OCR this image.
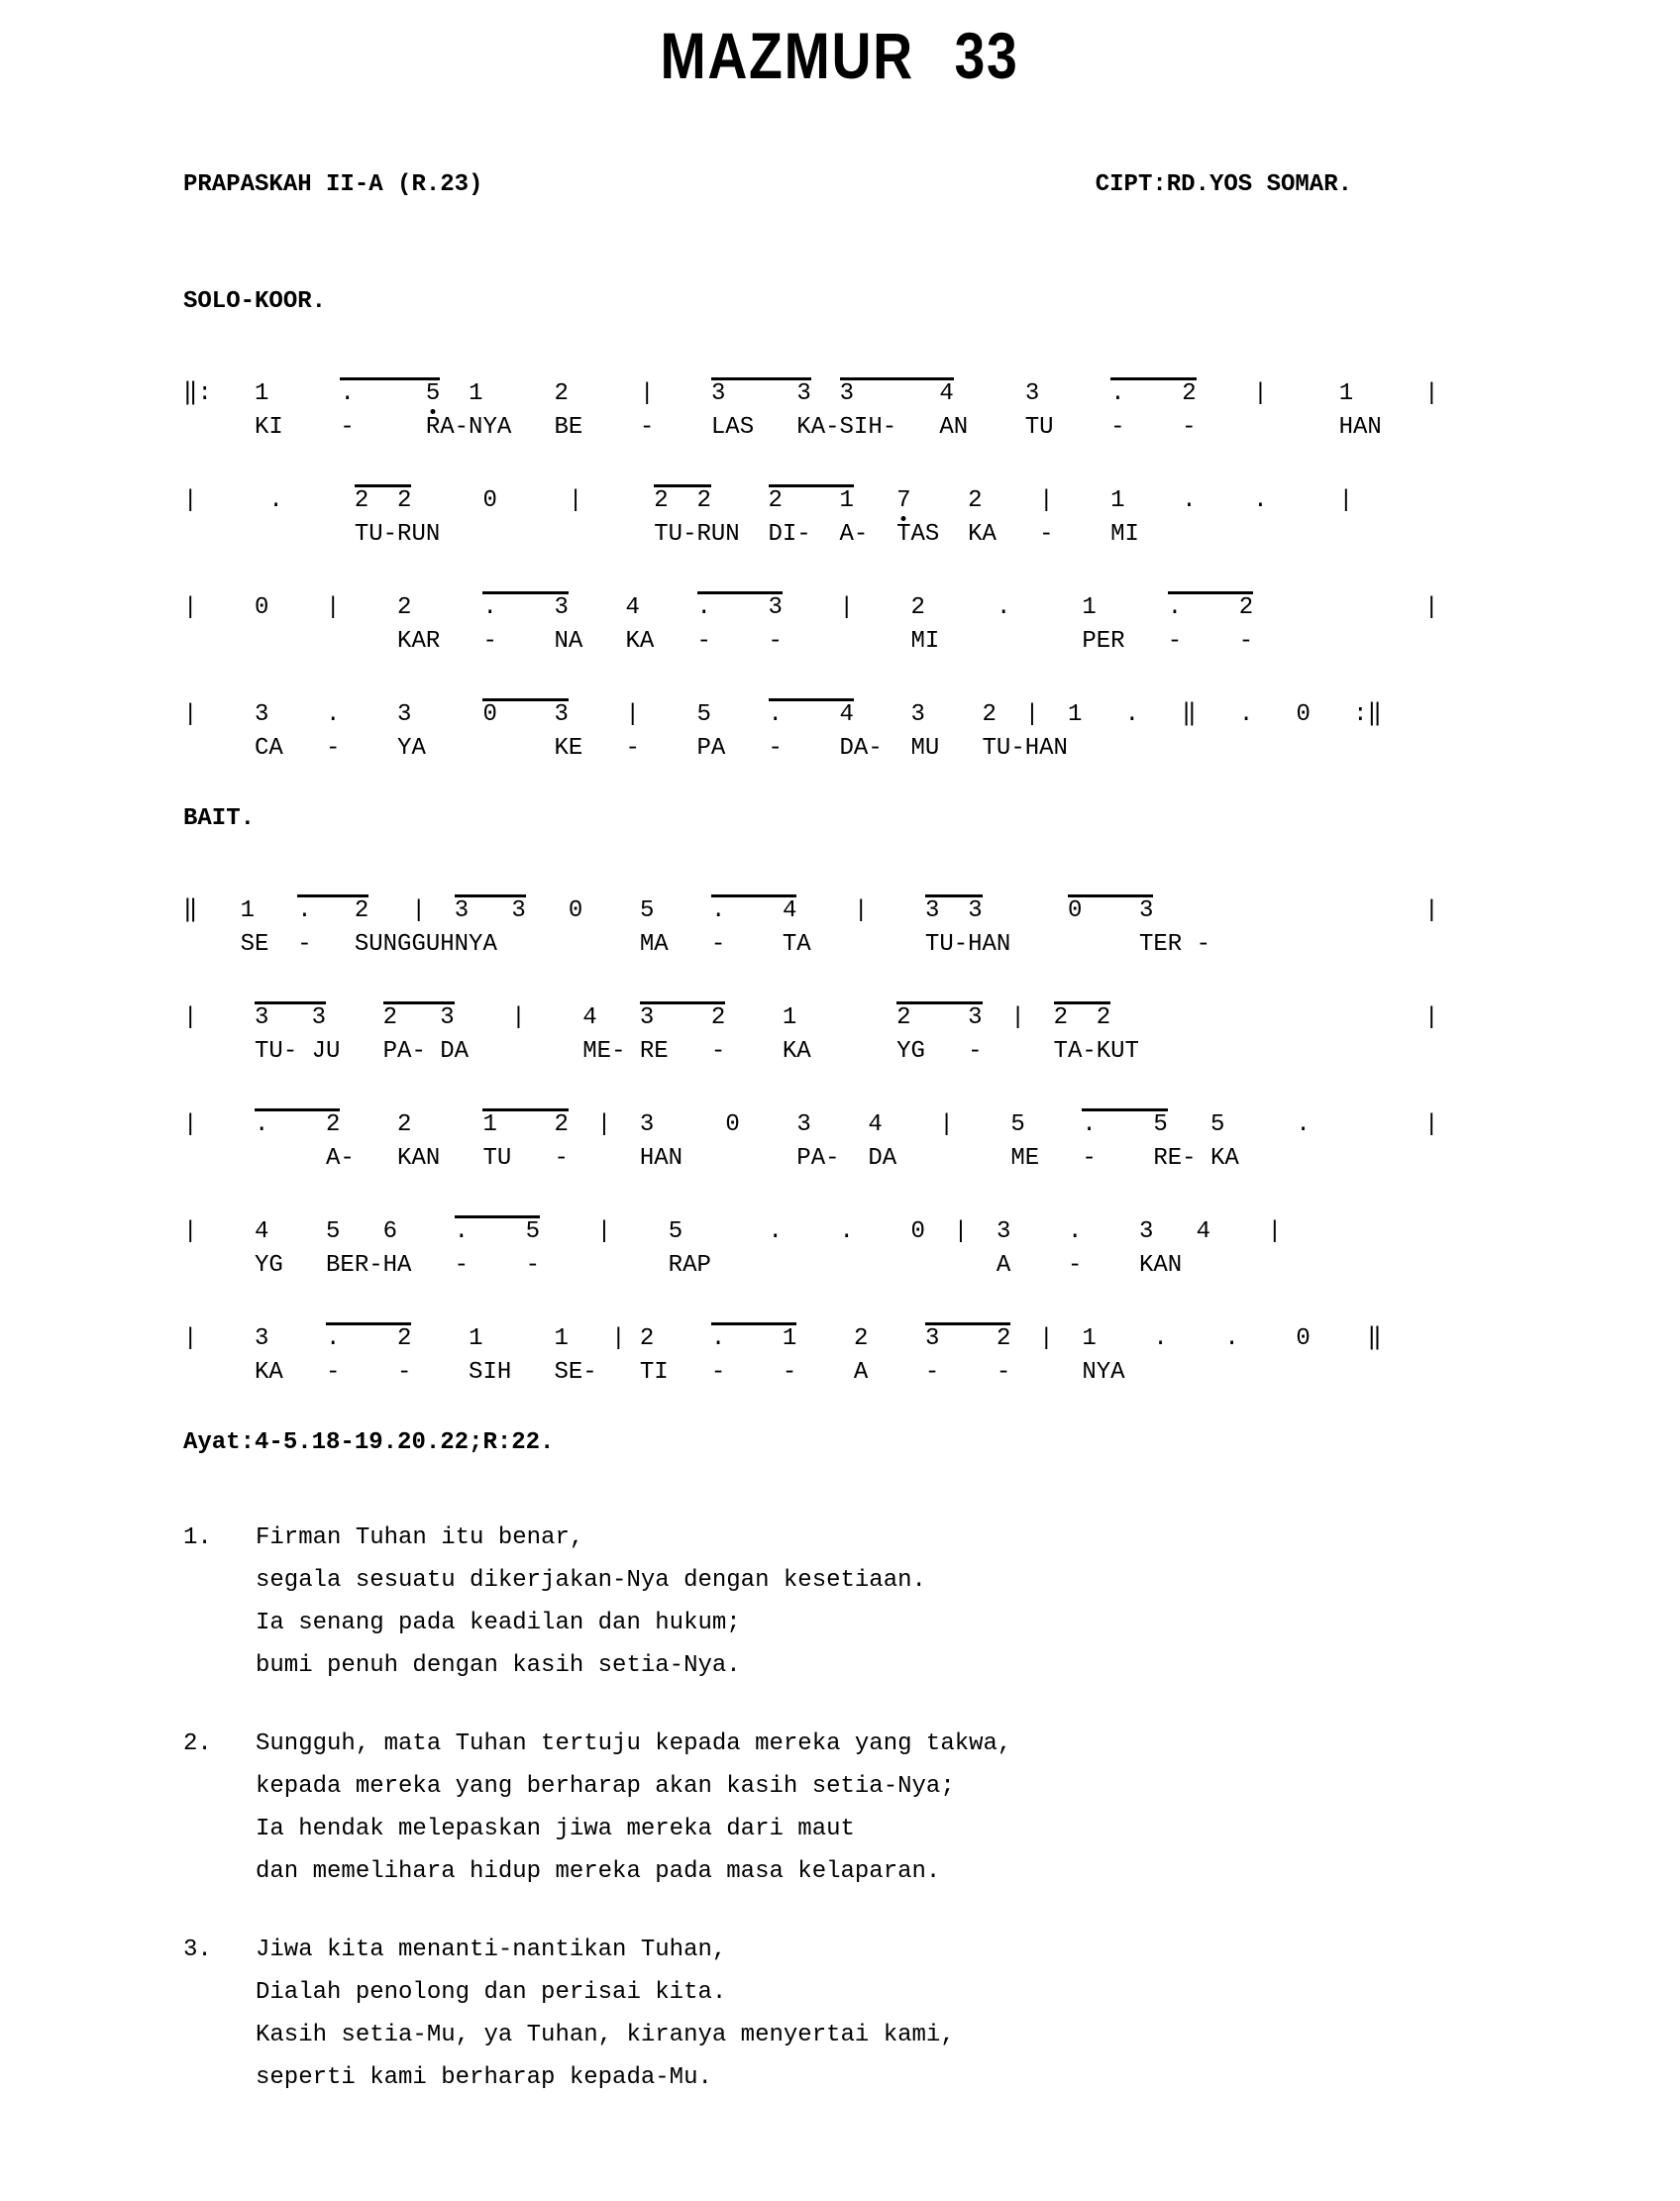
MAZMUR 33
PRAPASKAH II-A (R.23)	CIPT:RD.YOS SOMAR.
SOLO-KOOR.
‖:   1     .     5  1     2     |    3     3 3      4     3     .    2    |     1     |
KI    -     RA-NYA   BE    -    LAS   KA-SIH-   AN    TU    -    -          HAN
|     .     2  2     0     |     2  2 2    1 7    2    |    1    .    .     |
TU-RUN               TU-RUN  DI-  A-  TAS  KA   -    MI
|    0    |    2     .    3    4    .    3    |    2     .     1     .    2            |
KAR   -    NA   KA   -    -         MI          PER   -    -
|    3    .    3     0    3    |    5    .    4    3    2  |  1   .   ‖   .   0   :‖
CA   -    YA         KE   -    PA   -    DA-  MU   TU-HAN
BAIT.
‖   1   .   2   |  3   3   0    5    .    4    |    3  3	0    3                   |
SE  -   SUNGGUHNYA          MA   -    TA        TU-HAN         TER -
|    3   3 2   3    |    4   3    2    1       2    3  |  2  2                      |
TU- JU   PA- DA        ME- RE   -    KA      YG   -     TA-KUT
|    .    2    2     1    2  |  3     0    3    4    |    5    .    5   5     .        |
A-   KAN   TU   -     HAN        PA-  DA        ME   -    RE- KA
|    4    5   6    .    5    |    5      .    .    0  |  3    .    3   4    |
YG   BER-HA   -    -         RAP                    A    -    KAN
|    3    .    2    1     1   | 2    .    1    2    3    2  |  1    .    .    0    ‖
KA   -    -    SIH   SE-   TI   -    -    A    -    -     NYA
Ayat:4-5.18-19.20.22;R:22.
1.	Firman Tuhan itu benar,
segala sesuatu dikerjakan-Nya dengan kesetiaan.
Ia senang pada keadilan dan hukum;
bumi penuh dengan kasih setia-Nya.
2.	Sungguh, mata Tuhan tertuju kepada mereka yang takwa,
kepada mereka yang berharap akan kasih setia-Nya;
Ia hendak melepaskan jiwa mereka dari maut
dan memelihara hidup mereka pada masa kelaparan.
3.	Jiwa kita menanti-nantikan Tuhan,
Dialah penolong dan perisai kita.
Kasih setia-Mu, ya Tuhan, kiranya menyertai kami,
seperti kami berharap kepada-Mu.
